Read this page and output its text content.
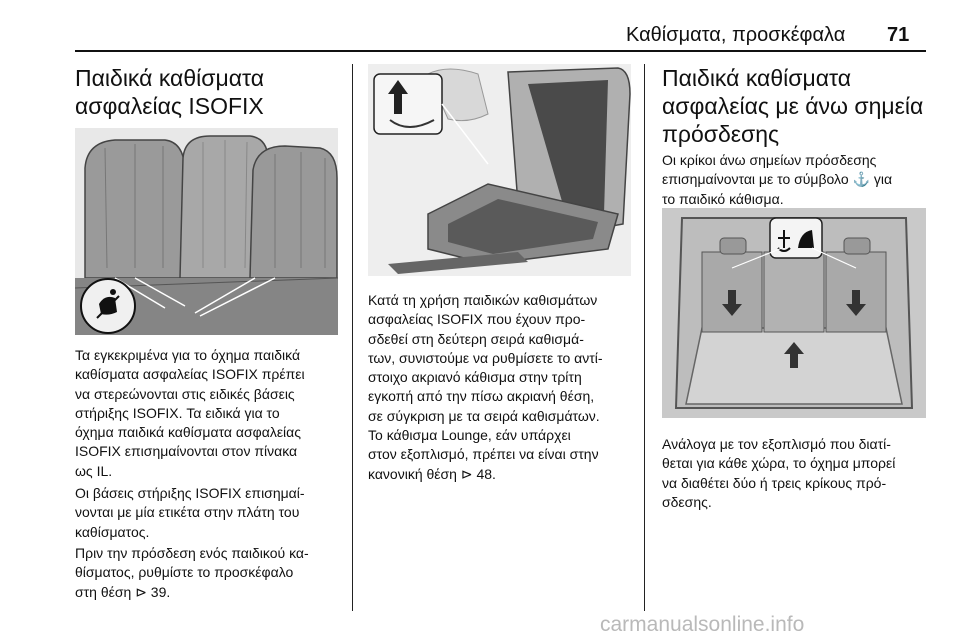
Καθίσματα, προσκέφαλα 71
Παιδικά καθίσματα
ασφαλείας ISOFIX
Τα εγκεκριμένα για το όχημα παιδικά
καθίσματα ασφαλείας ISOFIX πρέπει
να στερεώνονται στις ειδικές βάσεις
στήριξης ISOFIX. Τα ειδικά για το
όχημα παιδικά καθίσματα ασφαλείας
ISOFIX επισημαίνονται στον πίνακα
ως IL.
Οι βάσεις στήριξης ISOFIX επισημαί-
νονται με μία ετικέτα στην πλάτη του
καθίσματος.
Πριν την πρόσδεση ενός παιδικού κα-
θίσματος, ρυθμίστε το προσκέφαλο
στη θέση ⊳ 39.
Κατά τη χρήση παιδικών καθισμάτων
ασφαλείας ISOFIX που έχουν προ-
σδεθεί στη δεύτερη σειρά καθισμά-
των, συνιστούμε να ρυθμίσετε το αντί-
στοιχο ακριανό κάθισμα στην τρίτη
εγκοπή από την πίσω ακριανή θέση,
σε σύγκριση με τα σειρά καθισμάτων.
Το κάθισμα Lounge, εάν υπάρχει
στον εξοπλισμό, πρέπει να είναι στην
κανονική θέση ⊳ 48.
Παιδικά καθίσματα
ασφαλείας με άνω σημεία
πρόσδεσης
Οι κρίκοι άνω σημείων πρόσδεσης
επισημαίνονται με το σύμβολο ⚓ για
το παιδικό κάθισμα.
Ανάλογα με τον εξοπλισμό που διατί-
θεται για κάθε χώρα, το όχημα μπορεί
να διαθέτει δύο ή τρεις κρίκους πρό-
σδεσης.
carmanualsonline.info
